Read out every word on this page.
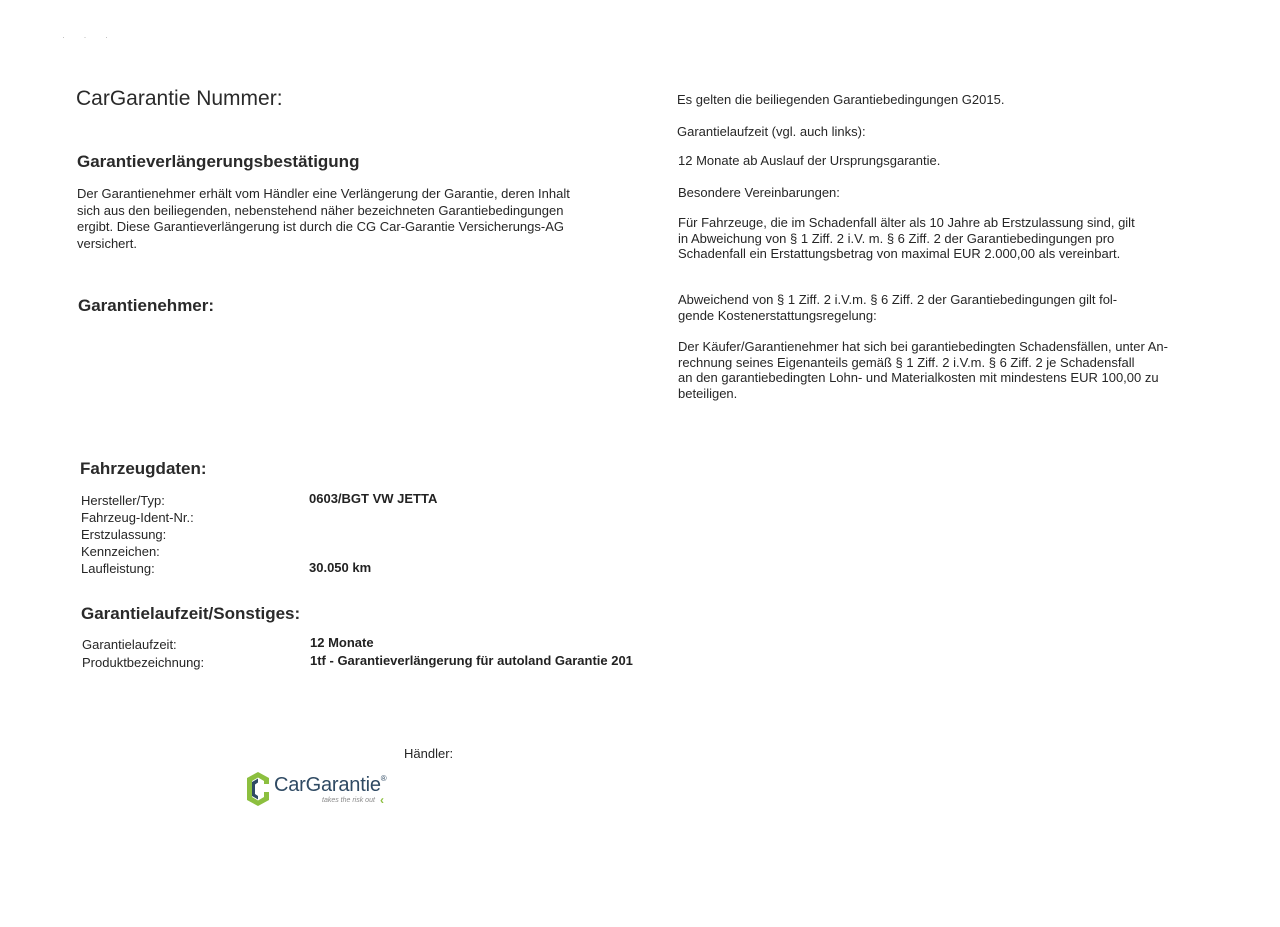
· · ·
CarGarantie Nummer:
Garantieverlängerungsbestätigung
Der Garantienehmer erhält vom Händler eine Verlängerung der Garantie, deren Inhalt
sich aus den beiliegenden, nebenstehend näher bezeichneten Garantiebedingungen
ergibt. Diese Garantieverlängerung ist durch die CG Car-Garantie Versicherungs-AG
versichert.
Garantienehmer:
Fahrzeugdaten:
Hersteller/Typ:	0603/BGT VW JETTA
Fahrzeug-Ident-Nr.:
Erstzulassung:
Kennzeichen:
Laufleistung:	30.050 km
Garantielaufzeit/Sonstiges:
Garantielaufzeit:	12 Monate
Produktbezeichnung:	1tf - Garantieverlängerung für autoland Garantie 201
Händler:
CarGarantie®
takes the risk out ‹
Es gelten die beiliegenden Garantiebedingungen G2015.
Garantielaufzeit (vgl. auch links):
12 Monate ab Auslauf der Ursprungsgarantie.
Besondere Vereinbarungen:
Für Fahrzeuge, die im Schadenfall älter als 10 Jahre ab Erstzulassung sind, gilt
in Abweichung von § 1 Ziff. 2 i.V. m. § 6 Ziff. 2 der Garantiebedingungen pro
Schadenfall ein Erstattungsbetrag von maximal EUR 2.000,00 als vereinbart.
Abweichend von § 1 Ziff. 2 i.V.m. § 6 Ziff. 2 der Garantiebedingungen gilt fol-
gende Kostenerstattungsregelung:
Der Käufer/Garantienehmer hat sich bei garantiebedingten Schadensfällen, unter An-
rechnung seines Eigenanteils gemäß § 1 Ziff. 2 i.V.m. § 6 Ziff. 2 je Schadensfall
an den garantiebedingten Lohn- und Materialkosten mit mindestens EUR 100,00 zu
beteiligen.
